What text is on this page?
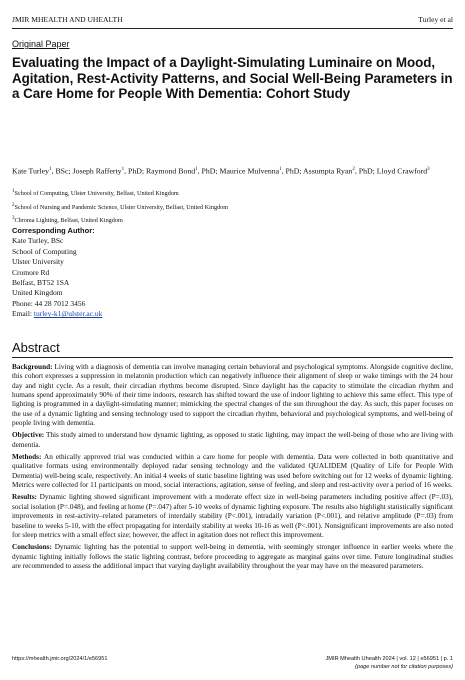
JMIR MHEALTH AND UHEALTH	Turley et al
Original Paper
Evaluating the Impact of a Daylight-Simulating Luminaire on Mood, Agitation, Rest-Activity Patterns, and Social Well-Being Parameters in a Care Home for People With Dementia: Cohort Study

Kate Turley$^1$, BSc; Joseph Rafferty$^1$, PhD; Raymond Bond$^1$, PhD; Maurice Mulvenna$^1$, PhD; Assumpta Ryan$^2$, PhD; Lloyd Crawford$^3$

$^1$School of Computing, Ulster University, Belfast, United Kingdom
$^2$School of Nursing and Pandemic Science, Ulster University, Belfast, United Kingdom
$^3$Chroma Lighting, Belfast, United Kingdom
Corresponding Author:
Kate Turley, BSc
School of Computing
Ulster University
Cromore Rd
Belfast, BT52 1SA
United Kingdom
Phone: 44 28 7012 3456
Email: turley-k1@ulster.ac.uk
Abstract

Background: Living with a diagnosis of dementia can involve managing certain behavioral and psychological symptoms. Alongside cognitive decline, this cohort expresses a suppression in melatonin production which can negatively influence their alignment of sleep or wake timings with the 24 hour day and night cycle. As a result, their circadian rhythms become disrupted. Since daylight has the capacity to stimulate the circadian rhythm and humans spend approximately 90% of their time indoors, research has shifted toward the use of indoor lighting to achieve this same effect. This type of lighting is programmed in a daylight-simulating manner; mimicking the spectral changes of the sun throughout the day. As such, this paper focuses on the use of a dynamic lighting and sensing technology used to support the circadian rhythm, behavioral and psychological symptoms, and well-being of people living with dementia.

Objective: This study aimed to understand how dynamic lighting, as opposed to static lighting, may impact the well-being of those who are living with dementia.

Methods: An ethically approved trial was conducted within a care home for people with dementia. Data were collected in both quantitative and qualitative formats using environmentally deployed radar sensing technology and the validated QUALIDEM (Quality of Life for People With Dementia) well-being scale, respectively. An initial 4 weeks of static baseline lighting was used before switching out for 12 weeks of dynamic lighting. Metrics were collected for 11 participants on mood, social interactions, agitation, sense of feeling, and sleep and rest-activity over a period of 16 weeks.

Results: Dynamic lighting showed significant improvement with a moderate effect size in well-being parameters including positive affect (P=.03), social isolation (P=.048), and feeling at home (P=.047) after 5-10 weeks of dynamic lighting exposure. The results also highlight statistically significant improvements in rest-activity–related parameters of interdaily stability (P<.001), intradaily variation (P<.001), and relative amplitude (P=.03) from baseline to weeks 5-10, with the effect propagating for interdaily stability at weeks 10-16 as well (P<.001). Nonsignificant improvements are also noted for sleep metrics with a small effect size; however, the affect in agitation does not reflect this improvement.

Conclusions: Dynamic lighting has the potential to support well-being in dementia, with seemingly stronger influence in earlier weeks where the dynamic lighting initially follows the static lighting contrast, before proceeding to aggregate as marginal gains over time. Future longitudinal studies are recommended to assess the additional impact that varying daylight availability throughout the year may have on the measured parameters.

https://mhealth.jmir.org/2024/1/e56951	JMIR Mhealth Uhealth 2024 | vol. 12 | e56951 | p. 1
(page number not for citation purposes)
